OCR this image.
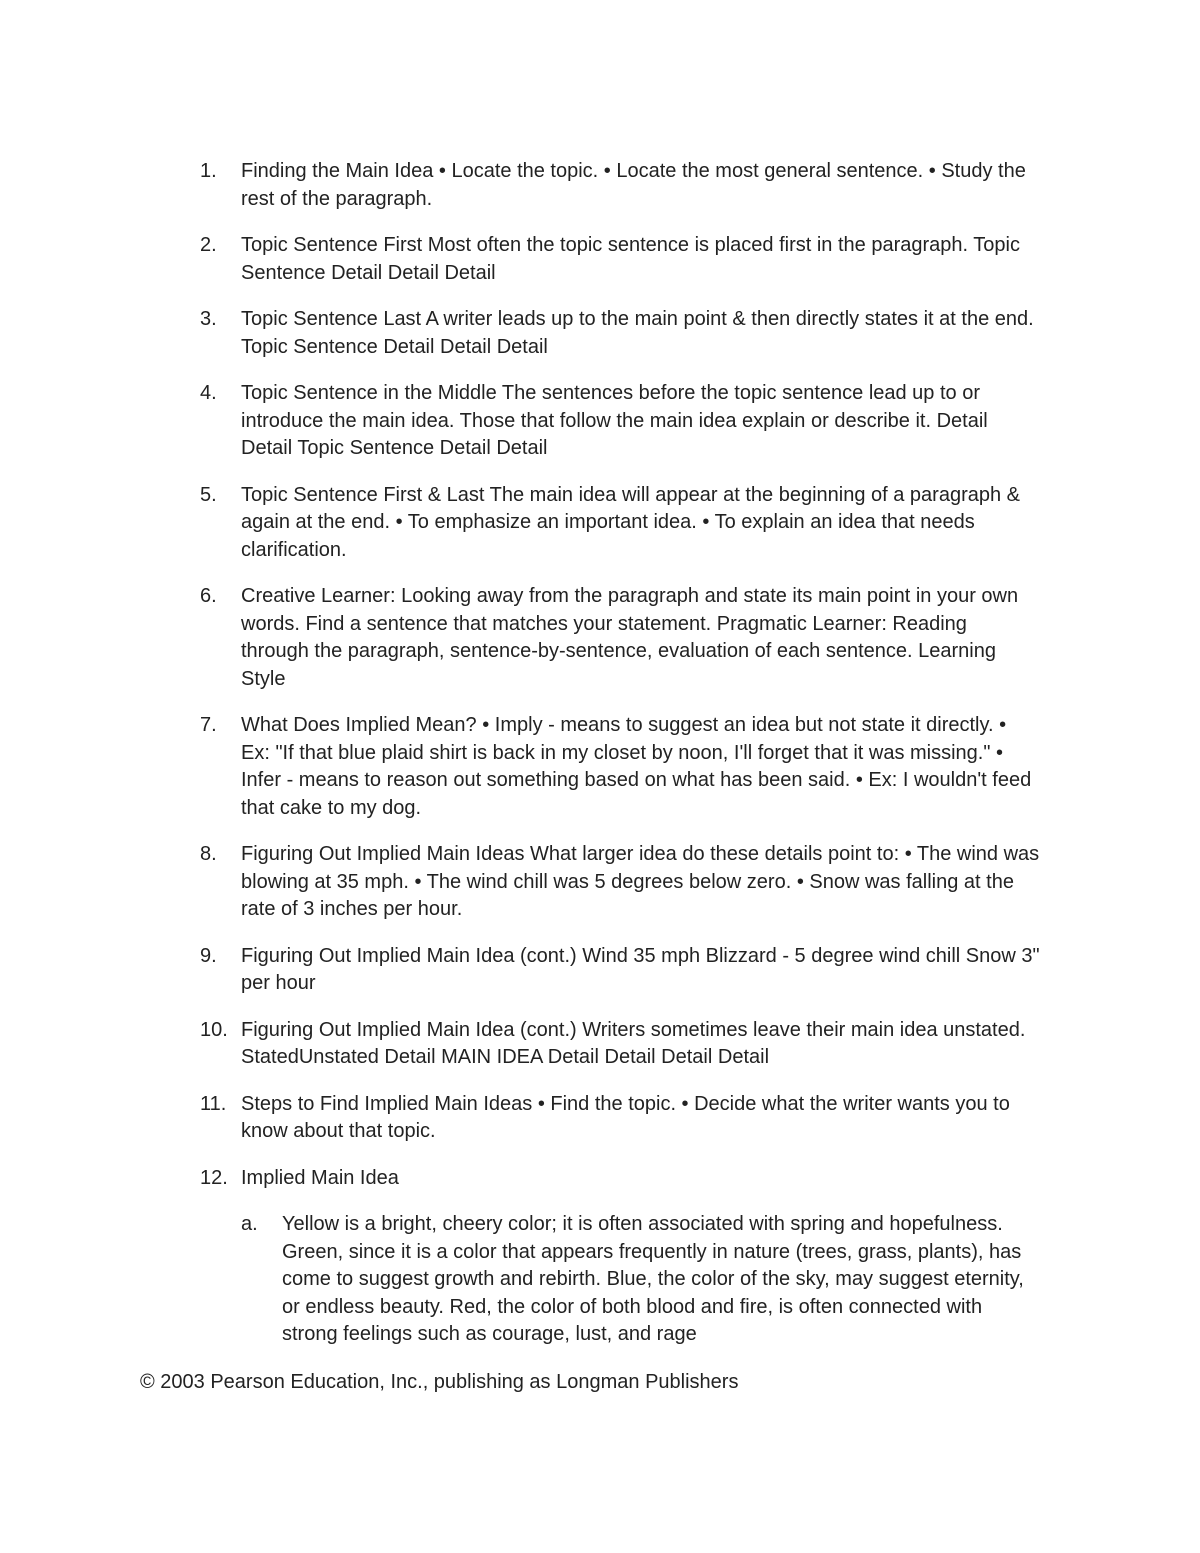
1.	Finding the Main Idea • Locate the topic. • Locate the most general sentence. • Study the rest of the paragraph.
2.	Topic Sentence First Most often the topic sentence is placed first in the paragraph. Topic Sentence Detail Detail Detail
3.	Topic Sentence Last A writer leads up to the main point & then directly states it at the end. Topic Sentence Detail Detail Detail
4.	Topic Sentence in the Middle The sentences before the topic sentence lead up to or introduce the main idea. Those that follow the main idea explain or describe it. Detail Detail Topic Sentence Detail Detail
5.	Topic Sentence First & Last The main idea will appear at the beginning of a paragraph & again at the end. • To emphasize an important idea. • To explain an idea that needs clarification.
6.	Creative Learner: Looking away from the paragraph and state its main point in your own words. Find a sentence that matches your statement. Pragmatic Learner: Reading through the paragraph, sentence-by-sentence, evaluation of each sentence. Learning Style
7.	What Does Implied Mean? • Imply - means to suggest an idea but not state it directly. • Ex: "If that blue plaid shirt is back in my closet by noon, I'll forget that it was missing." • Infer - means to reason out something based on what has been said. • Ex: I wouldn't feed that cake to my dog.
8.	Figuring Out Implied Main Ideas What larger idea do these details point to: • The wind was blowing at 35 mph. • The wind chill was 5 degrees below zero. • Snow was falling at the rate of 3 inches per hour.
9.	Figuring Out Implied Main Idea (cont.) Wind 35 mph Blizzard - 5 degree wind chill Snow 3" per hour
10. Figuring Out Implied Main Idea (cont.) Writers sometimes leave their main idea unstated. StatedUnstated Detail MAIN IDEA Detail Detail Detail Detail
11. Steps to Find Implied Main Ideas • Find the topic. • Decide what the writer wants you to know about that topic.
12. Implied Main Idea
a.	Yellow is a bright, cheery color; it is often associated with spring and hopefulness. Green, since it is a color that appears frequently in nature (trees, grass, plants), has come to suggest growth and rebirth. Blue, the color of the sky, may suggest eternity, or endless beauty. Red, the color of both blood and fire, is often connected with strong feelings such as courage, lust, and rage
© 2003 Pearson Education, Inc., publishing as Longman Publishers
